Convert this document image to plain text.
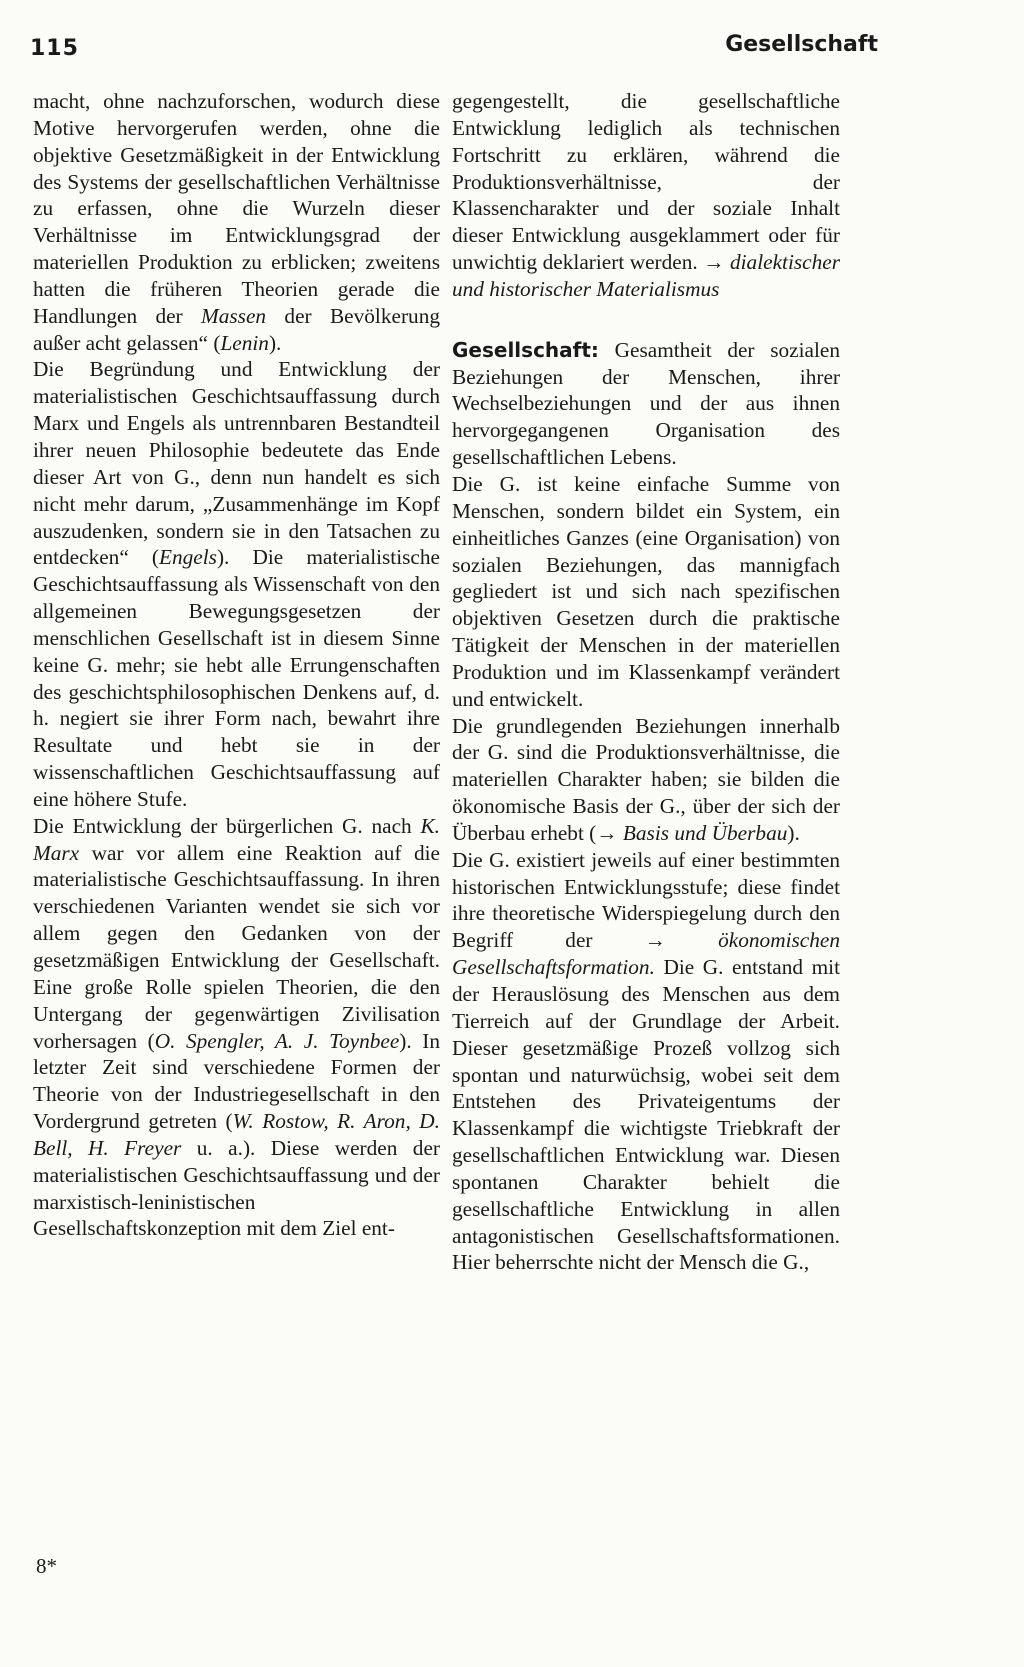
115	Gesellschaft

macht, ohne nachzuforschen, wodurch diese Motive hervorgerufen werden, ohne die objektive Gesetzmäßigkeit in der Entwicklung des Systems der gesellschaftlichen Verhältnisse zu erfassen, ohne die Wurzeln dieser Verhältnisse im Entwicklungsgrad der materiellen Produktion zu erblicken; zweitens hatten die früheren Theorien gerade die Handlungen der Massen der Bevölkerung außer acht gelassen“ (Lenin).

Die Begründung und Entwicklung der materialistischen Geschichtsauffassung durch Marx und Engels als untrennbaren Bestandteil ihrer neuen Philosophie bedeutete das Ende dieser Art von G., denn nun handelt es sich nicht mehr darum, „Zusammenhänge im Kopf auszudenken, sondern sie in den Tatsachen zu entdecken“ (Engels). Die materialistische Geschichtsauffassung als Wissenschaft von den allgemeinen Bewegungsgesetzen der menschlichen Gesellschaft ist in diesem Sinne keine G. mehr; sie hebt alle Errungenschaften des geschichtsphilosophischen Denkens auf, d. h. negiert sie ihrer Form nach, bewahrt ihre Resultate und hebt sie in der wissenschaftlichen Geschichtsauffassung auf eine höhere Stufe.

Die Entwicklung der bürgerlichen G. nach K. Marx war vor allem eine Reaktion auf die materialistische Geschichtsauffassung. In ihren verschiedenen Varianten wendet sie sich vor allem gegen den Gedanken von der gesetzmäßigen Entwicklung der Gesellschaft. Eine große Rolle spielen Theorien, die den Untergang der gegenwärtigen Zivilisation vorhersagen (O. Spengler, A. J. Toynbee). In letzter Zeit sind verschiedene Formen der Theorie von der Industriegesellschaft in den Vordergrund getreten (W. Rostow, R. Aron, D. Bell, H. Freyer u. a.). Diese werden der materialistischen Geschichtsauffassung und der marxistisch-leninistischen Gesellschaftskonzeption mit dem Ziel ent-

gegengestellt, die gesellschaftliche Entwicklung lediglich als technischen Fortschritt zu erklären, während die Produktionsverhältnisse, der Klassencharakter und der soziale Inhalt dieser Entwicklung ausgeklammert oder für unwichtig deklariert werden. → dialektischer und historischer Materialismus

Gesellschaft: Gesamtheit der sozialen Beziehungen der Menschen, ihrer Wechselbeziehungen und der aus ihnen hervorgegangenen Organisation des gesellschaftlichen Lebens.

Die G. ist keine einfache Summe von Menschen, sondern bildet ein System, ein einheitliches Ganzes (eine Organisation) von sozialen Beziehungen, das mannigfach gegliedert ist und sich nach spezifischen objektiven Gesetzen durch die praktische Tätigkeit der Menschen in der materiellen Produktion und im Klassenkampf verändert und entwickelt.

Die grundlegenden Beziehungen innerhalb der G. sind die Produktionsverhältnisse, die materiellen Charakter haben; sie bilden die ökonomische Basis der G., über der sich der Überbau erhebt (→ Basis und Überbau).

Die G. existiert jeweils auf einer bestimmten historischen Entwicklungsstufe; diese findet ihre theoretische Widerspiegelung durch den Begriff der → ökonomischen Gesellschaftsformation. Die G. entstand mit der Herauslösung des Menschen aus dem Tierreich auf der Grundlage der Arbeit. Dieser gesetzmäßige Prozeß vollzog sich spontan und naturwüchsig, wobei seit dem Entstehen des Privateigentums der Klassenkampf die wichtigste Triebkraft der gesellschaftlichen Entwicklung war. Diesen spontanen Charakter behielt die gesellschaftliche Entwicklung in allen antagonistischen Gesellschaftsformationen. Hier beherrschte nicht der Mensch die G.,

8*
